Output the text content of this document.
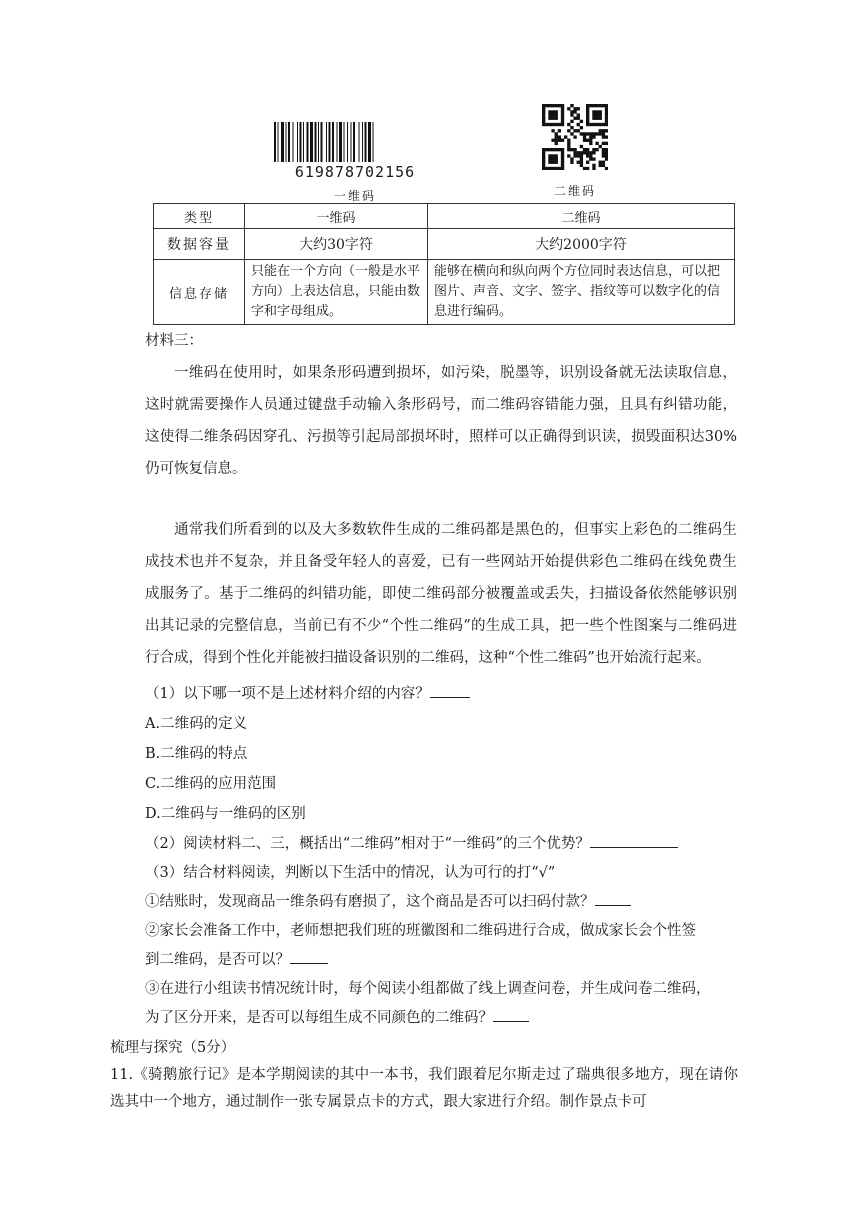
619878702156
一维码	二维码
类型	一维码	二维码
数据容量	大约30字符	大约2000字符
信息存储	只能在一个方向（一般是水平方向）上表达信息，只能由数字和字母组成。	能够在横向和纵向两个方位同时表达信息，可以把图片、声音、文字、签字、指纹等可以数字化的信息进行编码。
材料三：
一维码在使用时，如果条形码遭到损坏，如污染，脱墨等，识别设备就无法读取信息，这时就需要操作人员通过键盘手动输入条形码号，而二维码容错能力强，且具有纠错功能，这使得二维条码因穿孔、污损等引起局部损坏时，照样可以正确得到识读，损毁面积达30%仍可恢复信息。
通常我们所看到的以及大多数软件生成的二维码都是黑色的，但事实上彩色的二维码生成技术也并不复杂，并且备受年轻人的喜爱，已有一些网站开始提供彩色二维码在线免费生成服务了。基于二维码的纠错功能，即使二维码部分被覆盖或丢失，扫描设备依然能够识别出其记录的完整信息，当前已有不少“个性二维码”的生成工具，把一些个性图案与二维码进行合成，得到个性化并能被扫描设备识别的二维码，这种“个性二维码”也开始流行起来。
（1）以下哪一项不是上述材料介绍的内容？
A.二维码的定义
B.二维码的特点
C.二维码的应用范围
D.二维码与一维码的区别
（2）阅读材料二、三，概括出“二维码”相对于“一维码”的三个优势？
（3）结合材料阅读，判断以下生活中的情况，认为可行的打“√”
①结账时，发现商品一维条码有磨损了，这个商品是否可以扫码付款？
②家长会准备工作中，老师想把我们班的班徽图和二维码进行合成，做成家长会个性签
到二维码，是否可以？
③在进行小组读书情况统计时，每个阅读小组都做了线上调查问卷，并生成问卷二维码，
为了区分开来，是否可以每组生成不同颜色的二维码？
梳理与探究（5分）
11.《骑鹅旅行记》是本学期阅读的其中一本书，我们跟着尼尔斯走过了瑞典很多地方，现在请你选其中一个地方，通过制作一张专属景点卡的方式，跟大家进行介绍。制作景点卡可
